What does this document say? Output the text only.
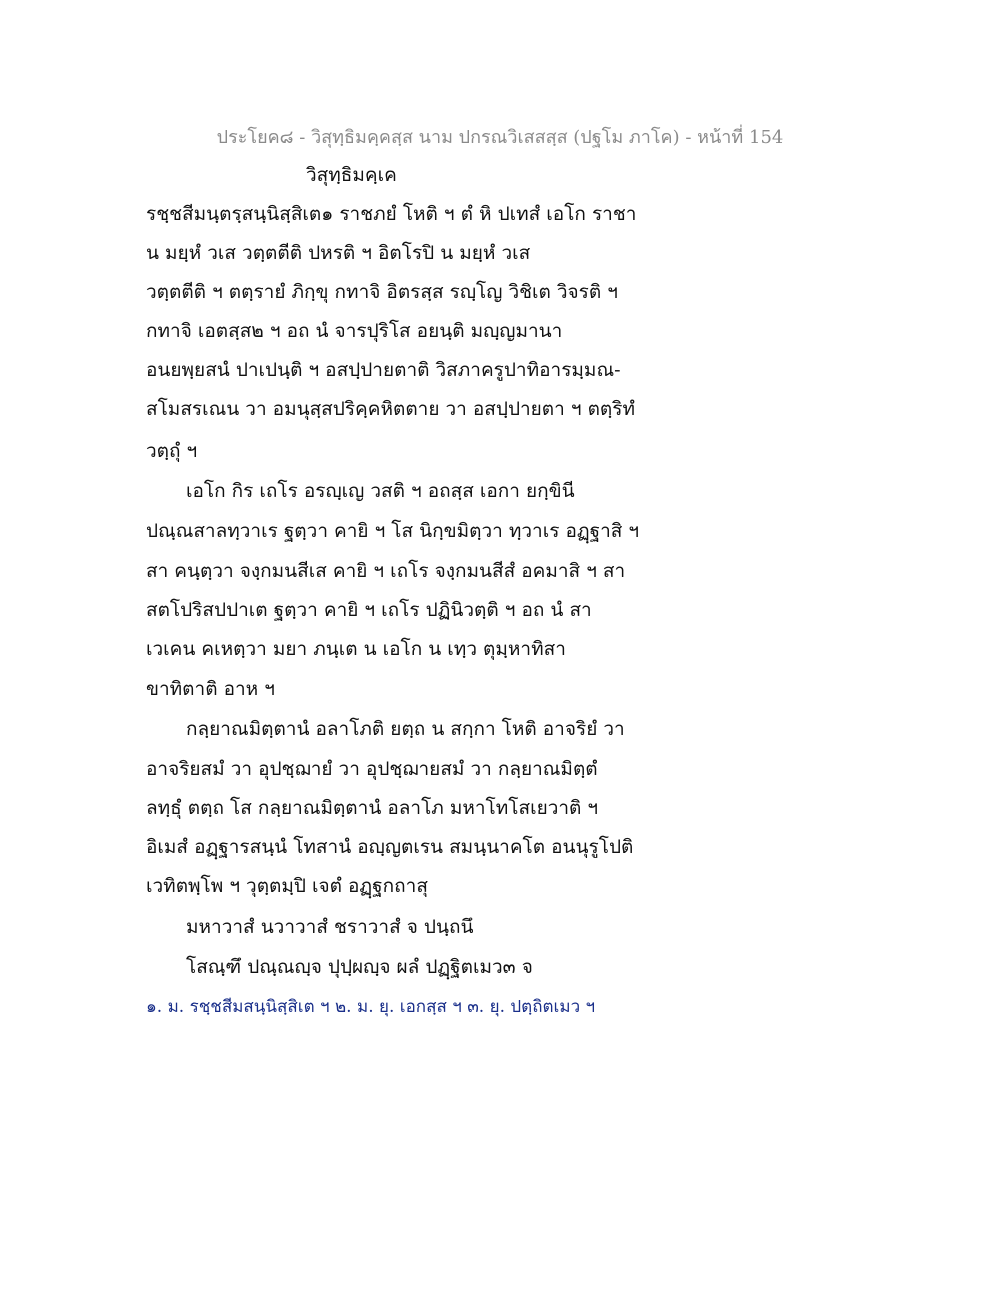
ประโยค๘ - วิสุทฺธิมคฺคสฺส นาม ปกรณวิเสสสฺส (ปฐโม ภาโค) - หน้าที่ 154
วิสุทฺธิมคฺเค
รชฺชสีมนฺตรฺสนฺนิสฺสิเต๑ ราชภยํ โหติ ฯ ตํ หิ ปเทสํ เอโก ราชา
น มยฺหํ วเส วตฺตตีติ ปหรติ ฯ อิตโรปิ น มยฺหํ วเส
วตฺตตีติ ฯ ตตฺรายํ ภิกฺขุ กทาจิ อิตรสฺส รญฺโญ วิชิเต วิจรติ ฯ
กทาจิ เอตสฺส๒ ฯ อถ นํ จารปุริโส อยนฺติ มญฺญมานา
อนยพฺยสนํ ปาเปนฺติ ฯ อสปฺปายตาติ วิสภาครูปาทิอารมฺมณ-
สโมสรเณน วา อมนุสฺสปริคฺคหิตตาย วา อสปฺปายตา ฯ ตตฺริทํ
วตฺถุํ ฯ
เอโก กิร เถโร อรญฺเญ วสติ ฯ อถสฺส เอกา ยกฺขินี
ปณฺณสาลทฺวาเร ฐตฺวา คายิ ฯ โส นิกฺขมิตฺวา ทฺวาเร อฏฺฐาสิ ฯ
สา คนฺตฺวา จงฺกมนสีเส คายิ ฯ เถโร จงฺกมนสีสํ อคมาสิ ฯ สา
สตโปริสปปาเต ฐตฺวา คายิ ฯ เถโร ปฏินิวตฺติ ฯ อถ นํ สา
เวเคน คเหตฺวา มยา ภนฺเต น เอโก น เทฺว ตุมฺหาทิสา
ขาทิตาติ อาห ฯ
กลฺยาณมิตฺตานํ อลาโภติ ยตฺถ น สกฺกา โหติ อาจริยํ วา
อาจริยสมํ วา อุปชฺฌายํ วา อุปชฺฌายสมํ วา กลฺยาณมิตฺตํ
ลทฺธุํ ตตฺถ โส กลฺยาณมิตฺตานํ อลาโภ มหาโทโสเยวาติ ฯ
อิเมสํ อฏฺฐารสนฺนํ โทสานํ อญฺญตเรน สมนฺนาคโต อนนุรูโปติ
เวทิตพฺโพ ฯ วุตฺตมฺปิ เจตํ อฏฺฐกถาสุ
มหาวาสํ นวาวาสํ ชราวาสํ จ ปนฺถนึ
โสณฺฑึ ปณฺณญฺจ ปุปฺผญฺจ ผลํ ปฏฺฐิตเมว๓ จ
๑. ม. รชฺชสีมสนฺนิสฺสิเต ฯ ๒. ม. ยุ. เอกสฺส ฯ ๓. ยุ. ปตฺถิตเมว ฯ
